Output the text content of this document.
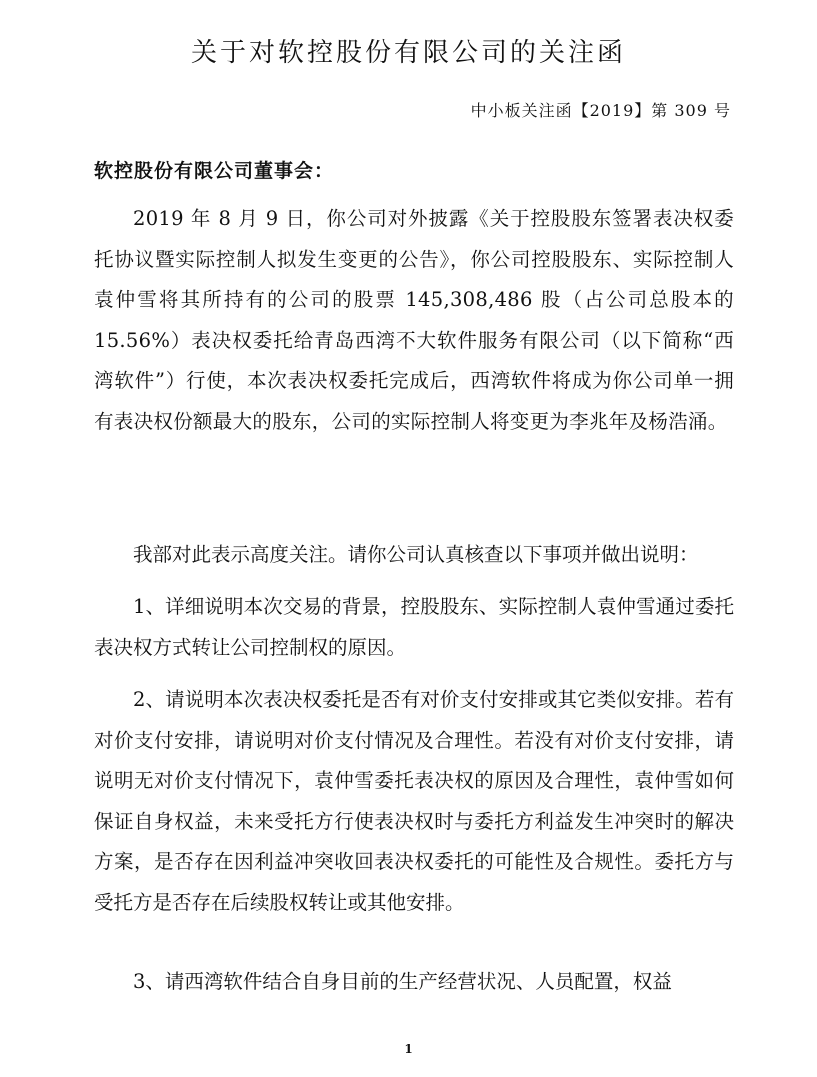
关于对软控股份有限公司的关注函
中小板关注函【2019】第 309 号
软控股份有限公司董事会：

2019 年 8 月 9 日，你公司对外披露《关于控股股东签署表决权委托协议暨实际控制人拟发生变更的公告》，你公司控股股东、实际控制人袁仲雪将其所持有的公司的股票 145,308,486 股（占公司总股本的 15.56%）表决权委托给青岛西湾不大软件服务有限公司（以下简称“西湾软件”）行使，本次表决权委托完成后，西湾软件将成为你公司单一拥有表决权份额最大的股东，公司的实际控制人将变更为李兆年及杨浩涌。

我部对此表示高度关注。请你公司认真核查以下事项并做出说明：

1、详细说明本次交易的背景，控股股东、实际控制人袁仲雪通过委托表决权方式转让公司控制权的原因。

2、请说明本次表决权委托是否有对价支付安排或其它类似安排。若有对价支付安排，请说明对价支付情况及合理性。若没有对价支付安排，请说明无对价支付情况下，袁仲雪委托表决权的原因及合理性，袁仲雪如何保证自身权益，未来受托方行使表决权时与委托方利益发生冲突时的解决方案，是否存在因利益冲突收回表决权委托的可能性及合规性。委托方与受托方是否存在后续股权转让或其他安排。

3、请西湾软件结合自身目前的生产经营状况、人员配置，权益

1
